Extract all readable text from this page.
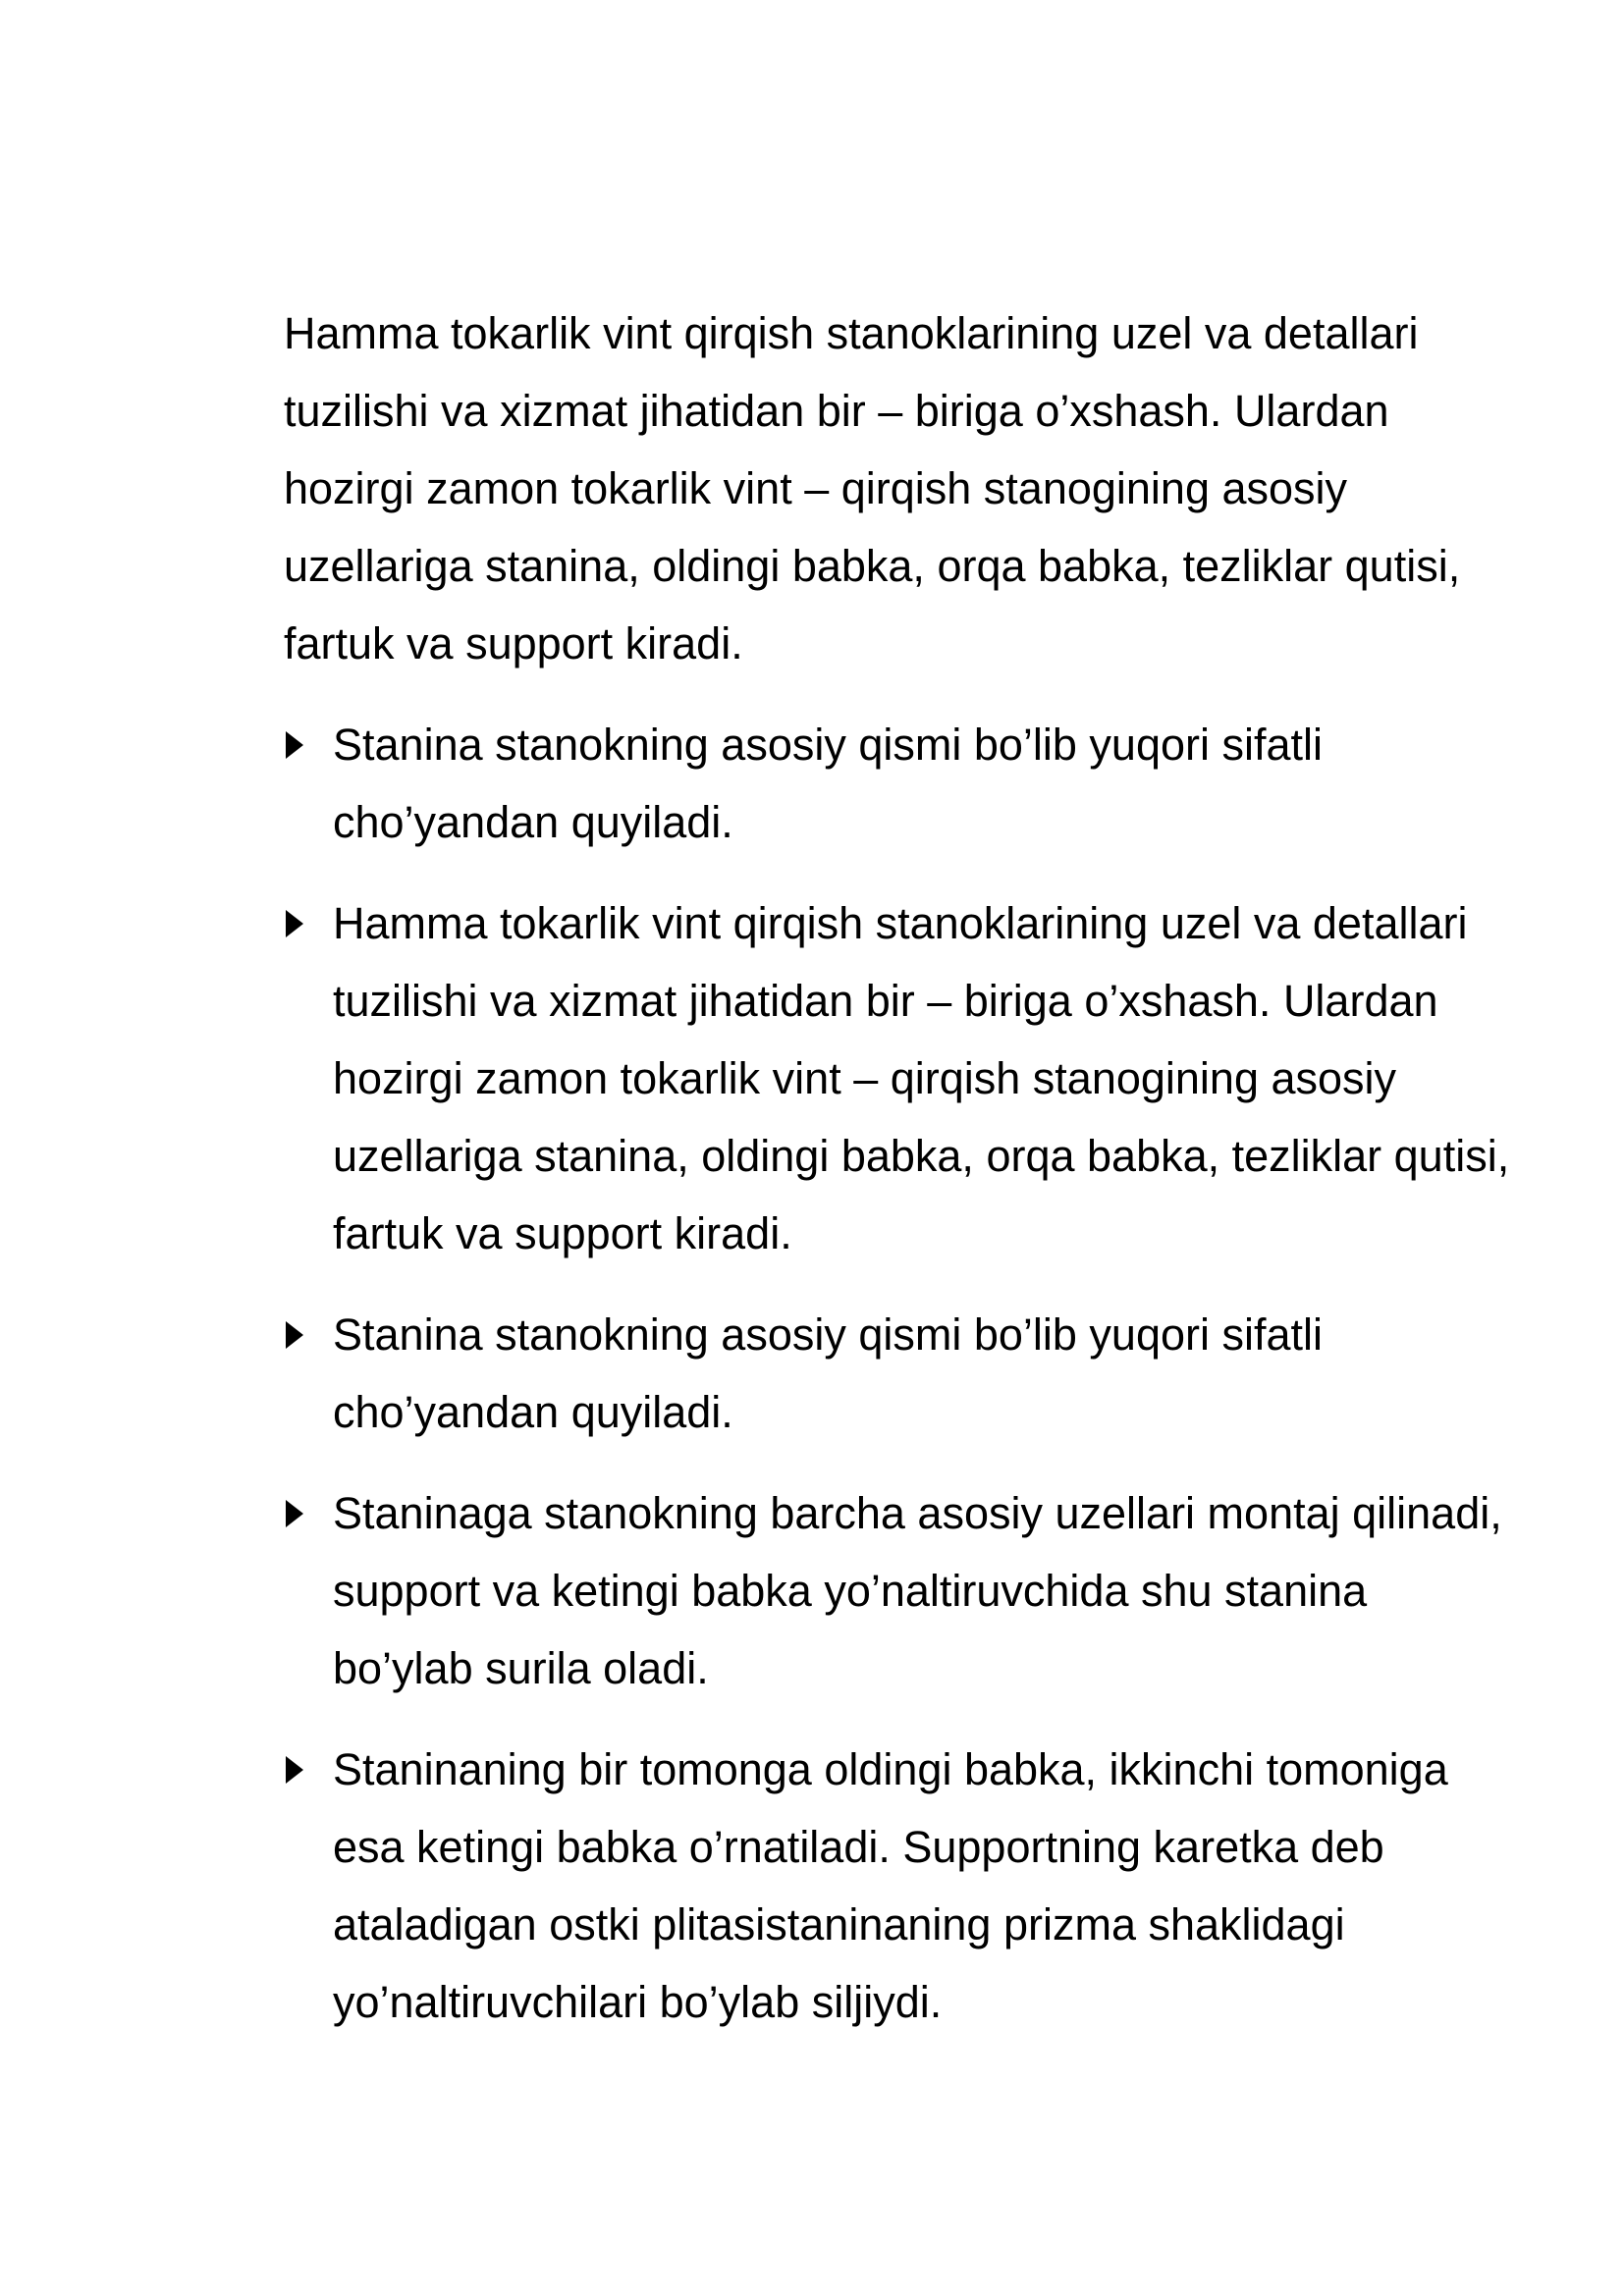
Hamma tokarlik vint qirqish stanoklarining uzel va detallari tuzilishi va xizmat jihatidan bir – biriga o’xshash. Ulardan hozirgi zamon tokarlik vint – qirqish stanogining asosiy uzellariga stanina, oldingi babka, orqa babka, tezliklar qutisi, fartuk va support kiradi.

Stanina stanokning asosiy qismi bo’lib yuqori sifatli cho’yandan quyiladi.
Hamma tokarlik vint qirqish stanoklarining uzel va detallari tuzilishi va xizmat jihatidan bir – biriga o’xshash. Ulardan hozirgi zamon tokarlik vint – qirqish stanogining asosiy uzellariga stanina, oldingi babka, orqa babka, tezliklar qutisi, fartuk va support kiradi.
Stanina stanokning asosiy qismi bo’lib yuqori sifatli cho’yandan quyiladi.
Staninaga stanokning barcha asosiy uzellari montaj qilinadi, support va ketingi babka yo’naltiruvchida shu stanina bo’ylab surila oladi.
Staninaning bir tomonga oldingi babka, ikkinchi tomoniga esa ketingi babka o’rnatiladi. Supportning karetka deb ataladigan ostki plitasistaninaning prizma shaklidagi yo’naltiruvchilari bo’ylab siljiydi.
